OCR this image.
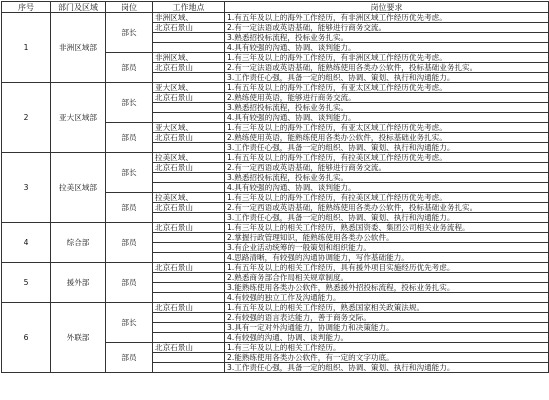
序号	部门及区域	岗位	工作地点	岗位要求
1	非洲区域部	部长	非洲区域、	1.有五年及以上的海外工作经历，有非洲区域工作经历优先考虑。
			北京石景山	2.有一定法语或英语基础，能够进行商务交流。
				3.熟悉招投标流程，投标业务扎实。
				4.具有较强的沟通、协调、谈判能力。
		部员	非洲区域、	1.有三年及以上的海外工作经历，有非洲区域工作经历优先考虑。
			北京石景山	2.有一定法语或英语基础，能熟练使用各类办公软件，投标基础业务扎实。
				3.工作责任心强，具备一定的组织、协调、策划、执行和沟通能力。
2	亚大区域部	部长	亚大区域、	1.有五年及以上的海外工作经历，有亚太区域工作经历优先考虑。
			北京石景山	2.熟练使用英语，能够进行商务交流。
				3.熟悉招投标流程，投标业务扎实。
				4.具有较强的沟通、协调、谈判能力。
		部员	亚大区域、	1.有三年及以上的海外工作经历，有亚太区域工作经历优先考虑。
			北京石景山	2.熟练使用英语，能熟练使用各类办公软件，投标基础业务扎实。
				3.工作责任心强，具备一定的组织、协调、策划、执行和沟通能力。
3	拉美区域部	部长	拉美区域、	1.有五年及以上的海外工作经历，有拉美区域工作经历优先考虑。
			北京石景山	2.有一定西语或英语基础，能够进行商务交流。
				3.熟悉招投标流程，投标业务扎实。
				4.具有较强的沟通、协调、谈判能力。
		部员	拉美区域、	1.有三年及以上的海外工作经历，有拉美区域工作经历优先考虑。
			北京石景山	2.有一定西语或英语基础，能熟练使用各类办公软件，投标基础业务扎实。
				3.工作责任心强，具备一定的组织、协调、策划、执行和沟通能力。
4	综合部	部员	北京石景山	1.有三年及以上的相关工作经历，熟悉国资委、集团公司相关业务流程。
				2.掌握行政管理知识，能熟练使用各类办公软件。
				3.有企业活动统筹的一般策划和组织能力。
				4.思路清晰，有较强的沟通协调能力，写作基础能力。
5	援外部	部员	北京石景山	1.有五年及以上的相关工作经历，具有援外项目实施经历优先考虑。
				2.熟悉商务部合作局相关规章制度。
				3.能熟练使用各类办公软件，熟悉援外招投标流程，投标业务扎实。
				4.有较强的独立工作及沟通能力。
6	外联部	部长	北京石景山	1.有五年及以上的相关工作经历，熟悉国家相关政策法规。
				2.有较强的语言表达能力，善于商务交际。
				3.具有一定对外沟通能力，协调能力和决策能力。
				4.有较强的沟通、协调、谈判能力。
		部员	北京石景山	1.有三年及以上的相关工作经历。
				2.能熟练使用各类办公软件，有一定的文字功底。
				3.工作责任心强，具备一定的组织、协调、策划、执行和沟通能力。
